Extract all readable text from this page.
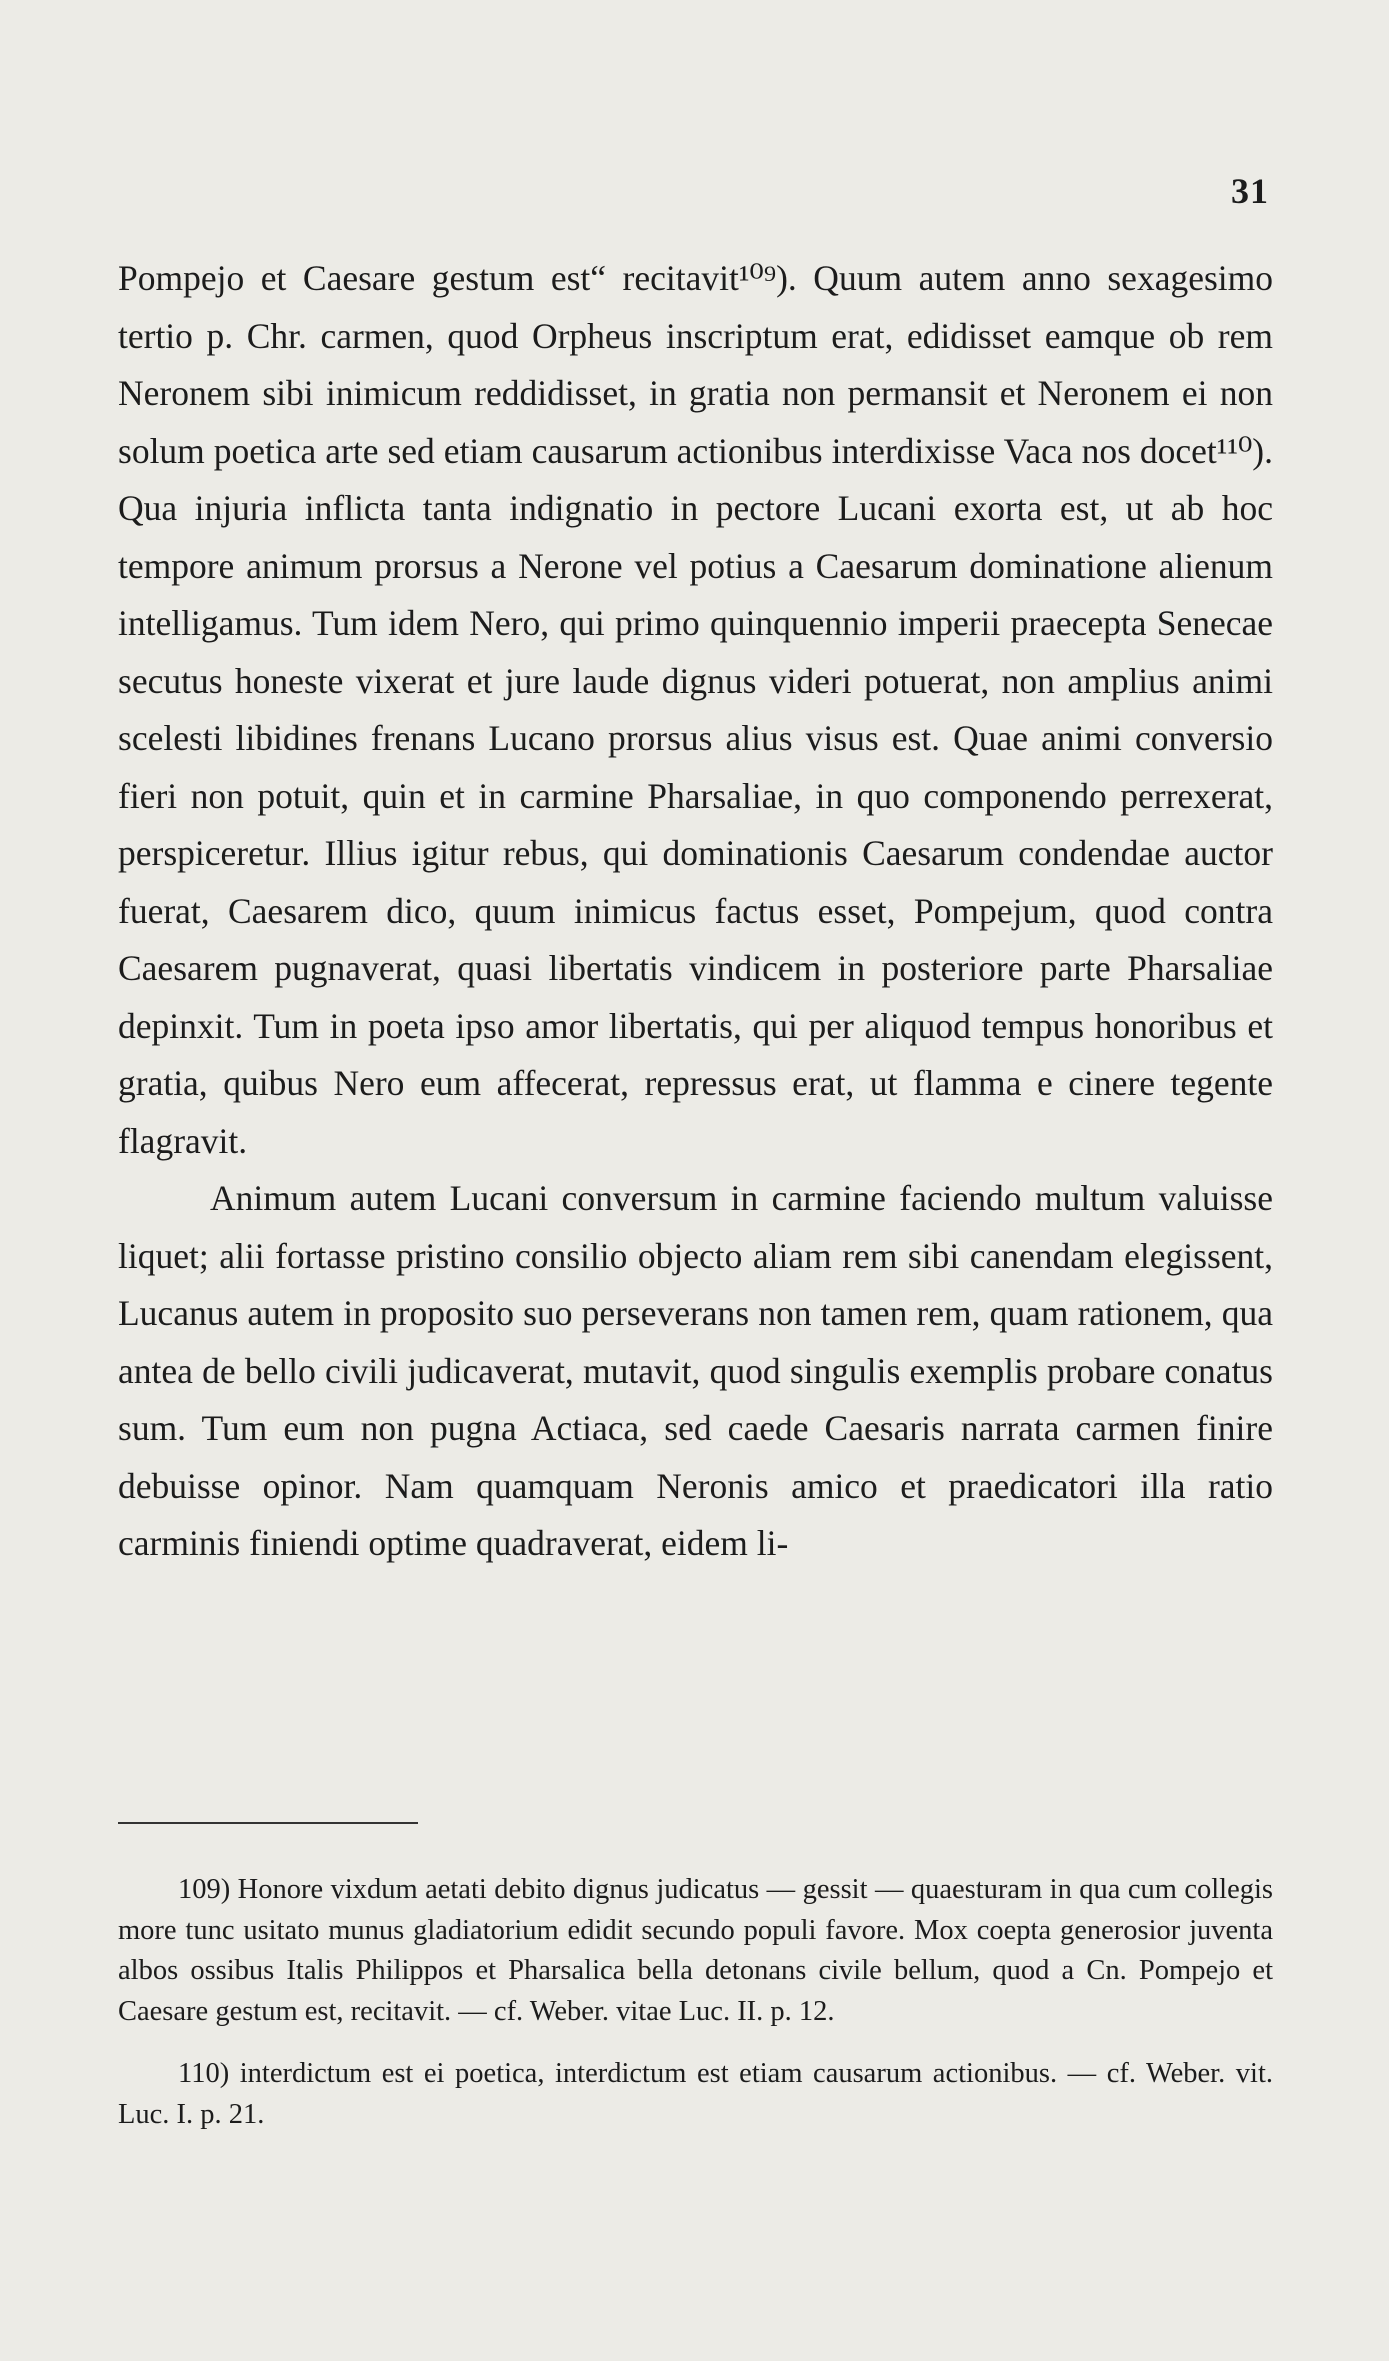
31

Pompejo et Caesare gestum est“ recitavit¹⁰⁹). Quum autem anno sexagesimo tertio p. Chr. carmen, quod Orpheus inscriptum erat, edidisset eamque ob rem Neronem sibi inimicum reddidisset, in gratia non permansit et Neronem ei non solum poetica arte sed etiam causarum actionibus interdixisse Vaca nos docet¹¹⁰). Qua injuria inflicta tanta indignatio in pectore Lucani exorta est, ut ab hoc tempore animum prorsus a Nerone vel potius a Caesarum dominatione alienum intelligamus. Tum idem Nero, qui primo quinquennio imperii praecepta Senecae secutus honeste vixerat et jure laude dignus videri potuerat, non amplius animi scelesti libidines frenans Lucano prorsus alius visus est. Quae animi conversio fieri non potuit, quin et in carmine Pharsaliae, in quo componendo perrexerat, perspiceretur. Illius igitur rebus, qui dominationis Caesarum condendae auctor fuerat, Caesarem dico, quum inimicus factus esset, Pompejum, quod contra Caesarem pugnaverat, quasi libertatis vindicem in posteriore parte Pharsaliae depinxit. Tum in poeta ipso amor libertatis, qui per aliquod tempus honoribus et gratia, quibus Nero eum affecerat, repressus erat, ut flamma e cinere tegente flagravit.

Animum autem Lucani conversum in carmine faciendo multum valuisse liquet; alii fortasse pristino consilio objecto aliam rem sibi canendam elegissent, Lucanus autem in proposito suo perseverans non tamen rem, quam rationem, qua antea de bello civili judicaverat, mutavit, quod singulis exemplis probare conatus sum. Tum eum non pugna Actiaca, sed caede Caesaris narrata carmen finire debuisse opinor. Nam quamquam Neronis amico et praedicatori illa ratio carminis finiendi optime quadraverat, eidem li-

109) Honore vixdum aetati debito dignus judicatus — gessit — quaesturam in qua cum collegis more tunc usitato munus gladiatorium edidit secundo populi favore. Mox coepta generosior juventa albos ossibus Italis Philippos et Pharsalica bella detonans civile bellum, quod a Cn. Pompejo et Caesare gestum est, recitavit. — cf. Weber. vitae Luc. II. p. 12.

110) interdictum est ei poetica, interdictum est etiam causarum actionibus. — cf. Weber. vit. Luc. I. p. 21.
